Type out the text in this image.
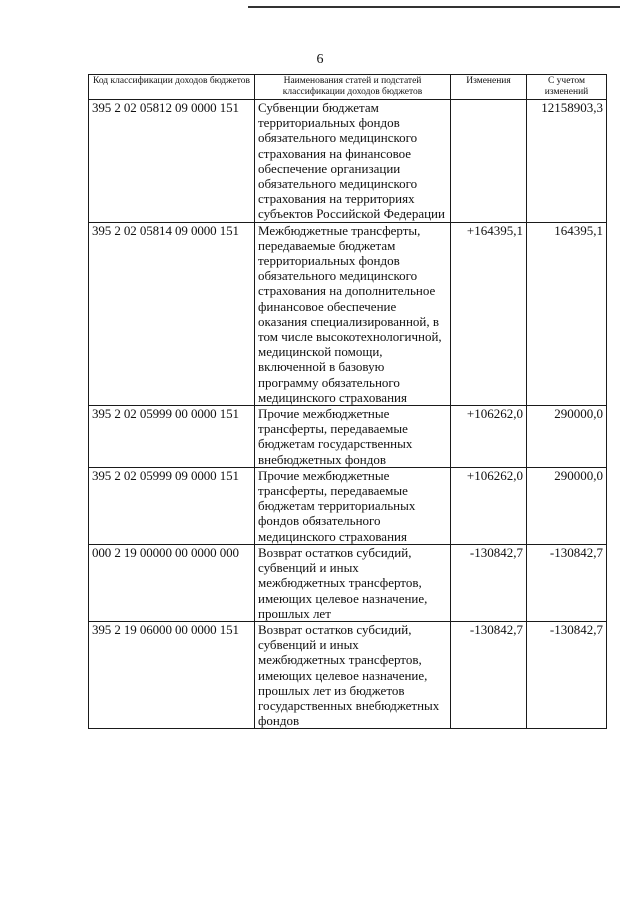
6
Код классификации доходов бюджетов	Наименования статей и подстатей классификации доходов бюджетов	Изменения	С учетом изменений
395 2 02 05812 09 0000 151	Субвенции бюджетам территориальных фондов обязательного медицинского страхования на финансовое обеспечение организации обязательного медицинского страхования на территориях субъектов Российской Федерации		12158903,3
395 2 02 05814 09 0000 151	Межбюджетные трансферты, передаваемые бюджетам территориальных фондов обязательного медицинского страхования на дополнительное финансовое обеспечение оказания специализированной, в том числе высокотехнологичной, медицинской помощи, включенной в базовую программу обязательного медицинского страхования	+164395,1	164395,1
395 2 02 05999 00 0000 151	Прочие межбюджетные трансферты, передаваемые бюджетам государственных внебюджетных фондов	+106262,0	290000,0
395 2 02 05999 09 0000 151	Прочие межбюджетные трансферты, передаваемые бюджетам территориальных фондов обязательного медицинского страхования	+106262,0	290000,0
000 2 19 00000 00 0000 000	Возврат остатков субсидий, субвенций и иных межбюджетных трансфертов, имеющих целевое назначение, прошлых лет	-130842,7	-130842,7
395 2 19 06000 00 0000 151	Возврат остатков субсидий, субвенций и иных межбюджетных трансфертов, имеющих целевое назначение, прошлых лет из бюджетов государственных внебюджетных фондов	-130842,7	-130842,7
